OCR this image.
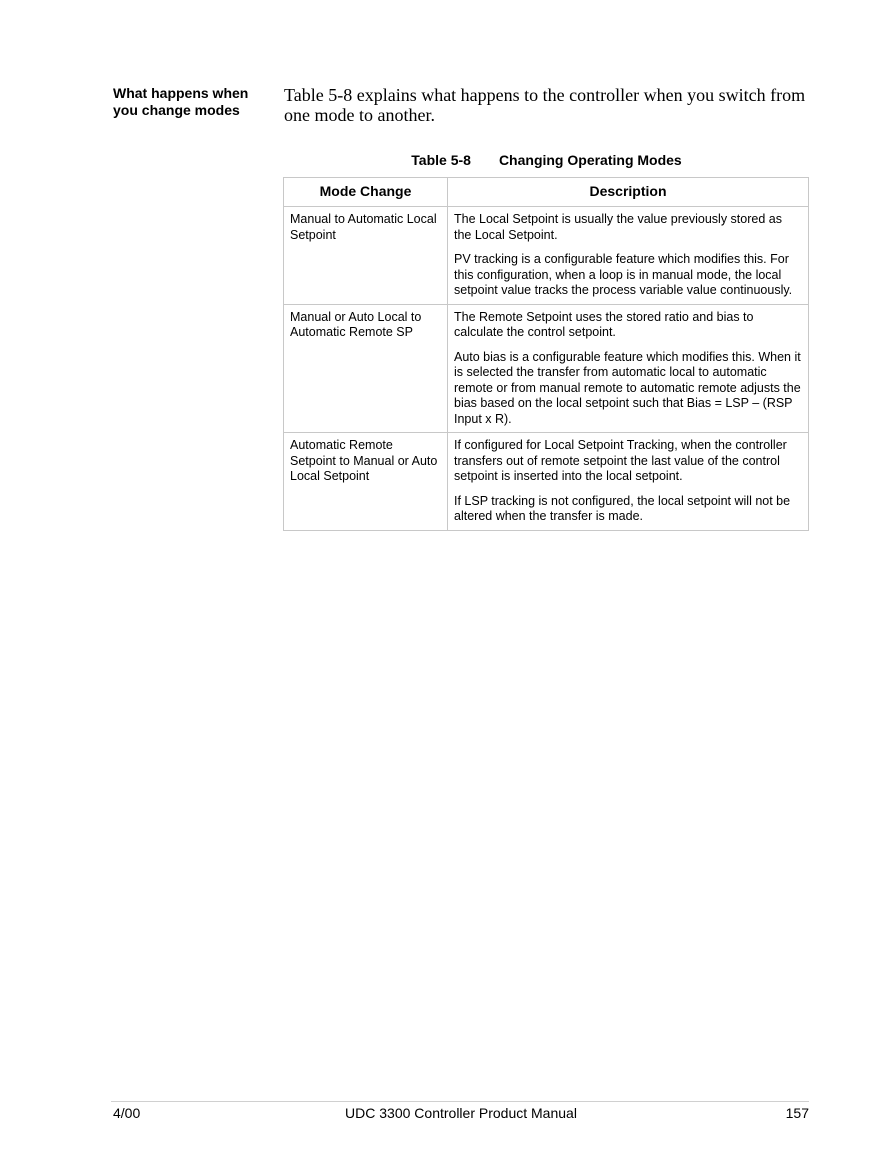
What happens when you change modes

Table 5-8 explains what happens to the controller when you switch from one mode to another.

Table 5-8 Changing Operating Modes
Mode Change	Description
Manual to Automatic Local Setpoint	The Local Setpoint is usually the value previously stored as the Local Setpoint.

PV tracking is a configurable feature which modifies this. For this configuration, when a loop is in manual mode, the local setpoint value tracks the process variable value continuously.

Manual or Auto Local to Automatic Remote SP	The Remote Setpoint uses the stored ratio and bias to calculate the control setpoint.

Auto bias is a configurable feature which modifies this. When it is selected the transfer from automatic local to automatic remote or from manual remote to automatic remote adjusts the bias based on the local setpoint such that Bias = LSP – (RSP Input x R).

Automatic Remote Setpoint to Manual or Auto Local Setpoint	If configured for Local Setpoint Tracking, when the controller transfers out of remote setpoint the last value of the control setpoint is inserted into the local setpoint.

If LSP tracking is not configured, the local setpoint will not be altered when the transfer is made.

4/00	UDC 3300 Controller Product Manual	157
